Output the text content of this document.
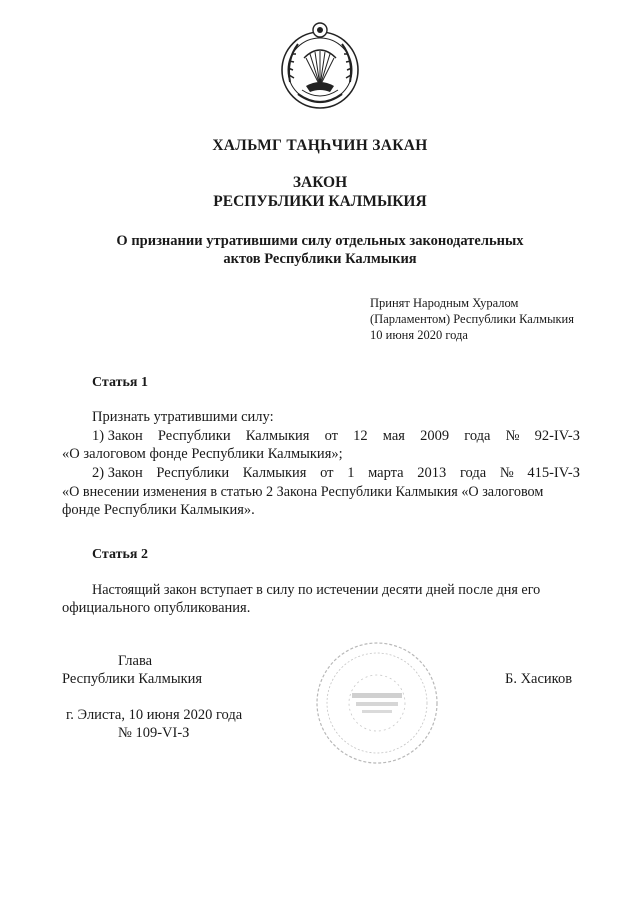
ХАЛЬМГ ТАҢҺЧИН ЗАКАН
ЗАКОН
РЕСПУБЛИКИ КАЛМЫКИЯ
О признании утратившими силу отдельных законодательных
актов Республики Калмыкия
Принят Народным Хуралом
(Парламентом) Республики Калмыкия
10 июня 2020 года
Статья 1
Признать утратившими силу:
1) Закон Республики Калмыкия от 12 мая 2009 года № 92-IV-З
«О залоговом фонде Республики Калмыкия»;
2) Закон Республики Калмыкия от 1 марта 2013 года № 415-IV-З
«О внесении изменения в статью 2 Закона Республики Калмыкия «О залоговом
фонде Республики Калмыкия».
Статья 2
Настоящий закон вступает в силу по истечении десяти дней после дня его
официального опубликования.
Глава
Республики Калмыкия	Б. Хасиков
г. Элиста, 10 июня 2020 года
№ 109-VI-З
